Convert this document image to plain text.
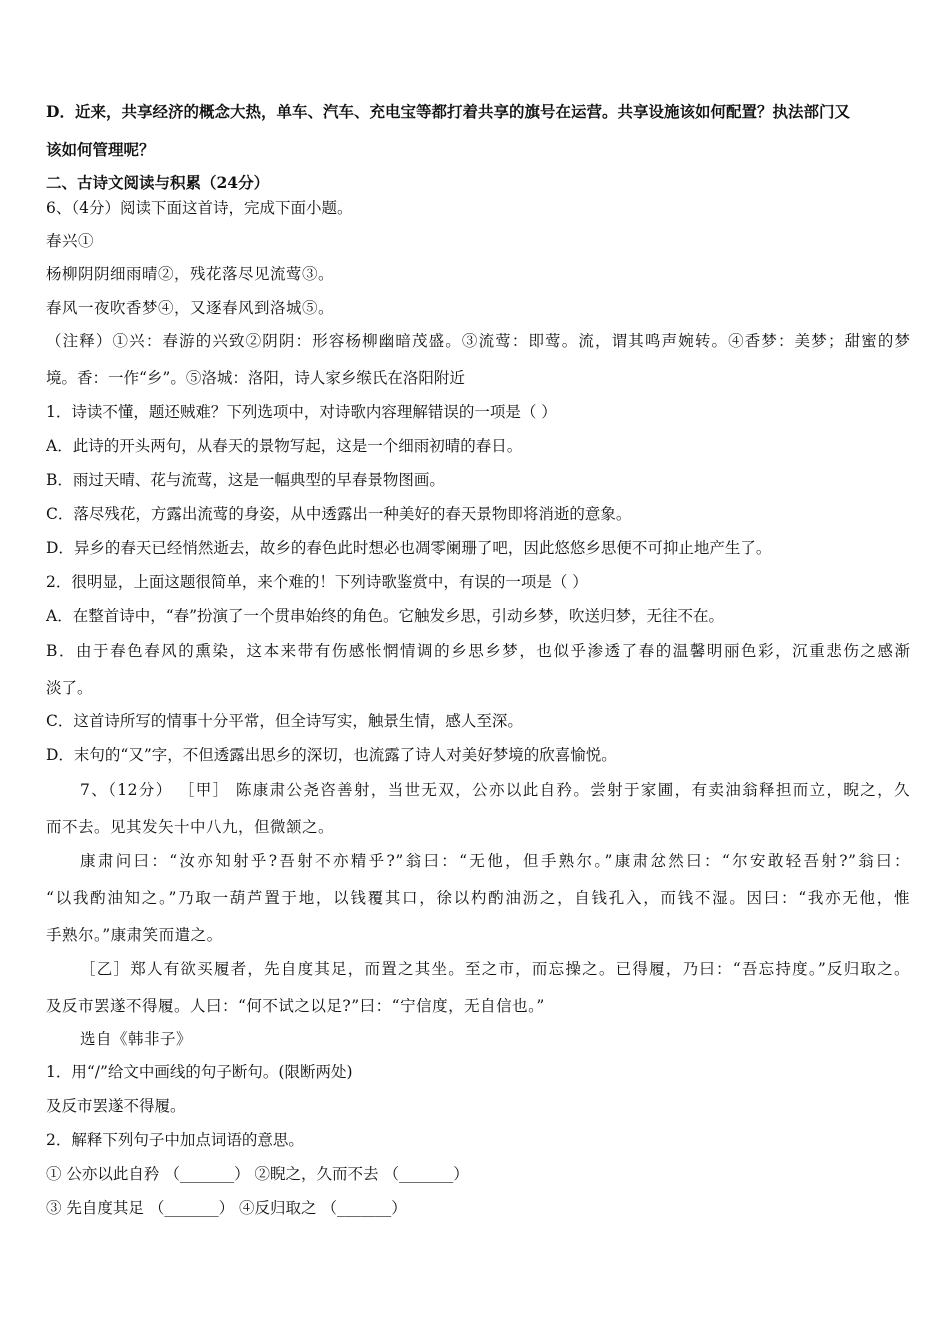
D．近来，共享经济的概念大热，单车、汽车、充电宝等都打着共享的旗号在运营。共享设施该如何配置？执法部门又
该如何管理呢？
二、古诗文阅读与积累（24分）
6、（4分）阅读下面这首诗，完成下面小题。
春兴①
杨柳阴阴细雨晴②，残花落尽见流莺③。
春风一夜吹香梦④，又逐春风到洛城⑤。
（注释）①兴：春游的兴致②阴阴：形容杨柳幽暗茂盛。③流莺：即莺。流，谓其鸣声婉转。④香梦：美梦；甜蜜的梦
境。香：一作“乡”。⑤洛城：洛阳，诗人家乡缑氏在洛阳附近
1．诗读不懂，题还贼难？下列选项中，对诗歌内容理解错误的一项是（ ）
A．此诗的开头两句，从春天的景物写起，这是一个细雨初晴的春日。
B．雨过天晴、花与流莺，这是一幅典型的早春景物图画。
C．落尽残花，方露出流莺的身姿，从中透露出一种美好的春天景物即将消逝的意象。
D．异乡的春天已经悄然逝去，故乡的春色此时想必也凋零阑珊了吧，因此悠悠乡思便不可抑止地产生了。
2．很明显，上面这题很简单，来个难的！下列诗歌鉴赏中，有误的一项是（ ）
A．在整首诗中，“春”扮演了一个贯串始终的角色。它触发乡思，引动乡梦，吹送归梦，无往不在。
B．由于春色春风的熏染，这本来带有伤感怅惘情调的乡思乡梦，也似乎渗透了春的温馨明丽色彩，沉重悲伤之感渐
淡了。
C．这首诗所写的情事十分平常，但全诗写实，触景生情，感人至深。
D．末句的“又”字，不但透露出思乡的深切，也流露了诗人对美好梦境的欣喜愉悦。
7、（12分） ［甲］ 陈康肃公尧咨善射，当世无双，公亦以此自矜。尝射于家圃，有卖油翁释担而立，睨之，久
而不去。见其发矢十中八九，但微颔之。
康肃问曰：“汝亦知射乎?吾射不亦精乎?”翁曰：“无他，但手熟尔。”康肃忿然曰：“尔安敢轻吾射?”翁曰：
“以我酌油知之。”乃取一葫芦置于地，以钱覆其口，徐以杓酌油沥之，自钱孔入，而钱不湿。因曰：“我亦无他，惟
手熟尔。”康肃笑而遣之。
［乙］郑人有欲买履者，先自度其足，而置之其坐。至之市，而忘操之。已得履，乃曰：“吾忘持度。”反归取之。
及反市罢遂不得履。人曰：“何不试之以足?”曰：“宁信度，无自信也。”
选自《韩非子》
1．用“/”给文中画线的句子断句。(限断两处)
及反市罢遂不得履。
2．解释下列句子中加点词语的意思。
① 公亦以此自矜 （_______） ②睨之，久而不去 （_______）
③ 先自度其足 （_______） ④反归取之 （_______）
